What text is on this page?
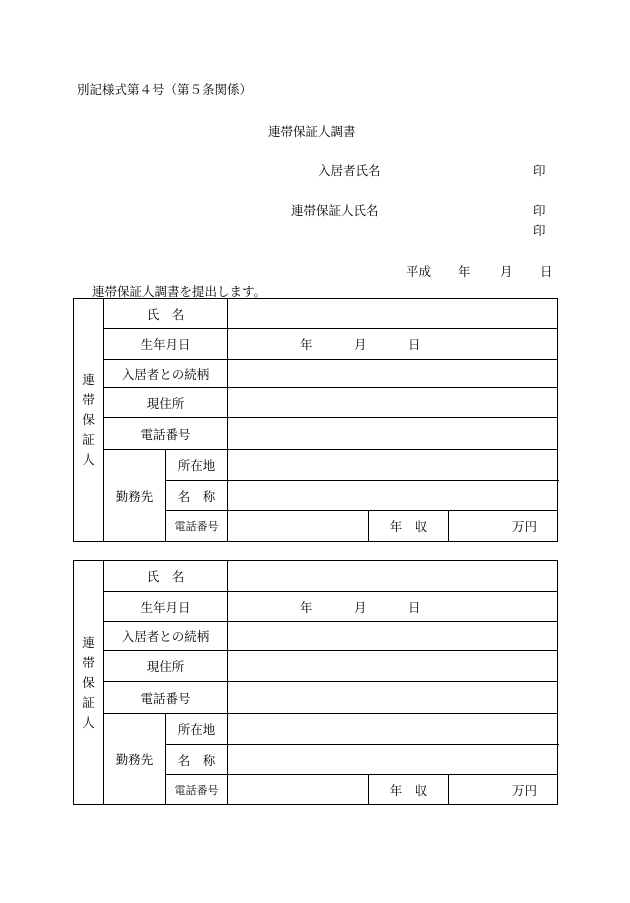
別記様式第４号（第５条関係）
連帯保証人調書
入居者氏名	印
連帯保証人氏名	印
印
平成 年 月 日
連帯保証人調書を提出します。
連
帯
保
証
人	氏　名				
	生年月日		年 月 日		

	入居者との続柄				
	現住所				
	電話番号				
	勤務先	所在地			
		名　称			
		電話番号		年　収	万円
連
帯
保
証
人	氏　名				
	生年月日		年 月 日		

	入居者との続柄				
	現住所				
	電話番号				
	勤務先	所在地			
		名　称			
		電話番号		年　収	万円
